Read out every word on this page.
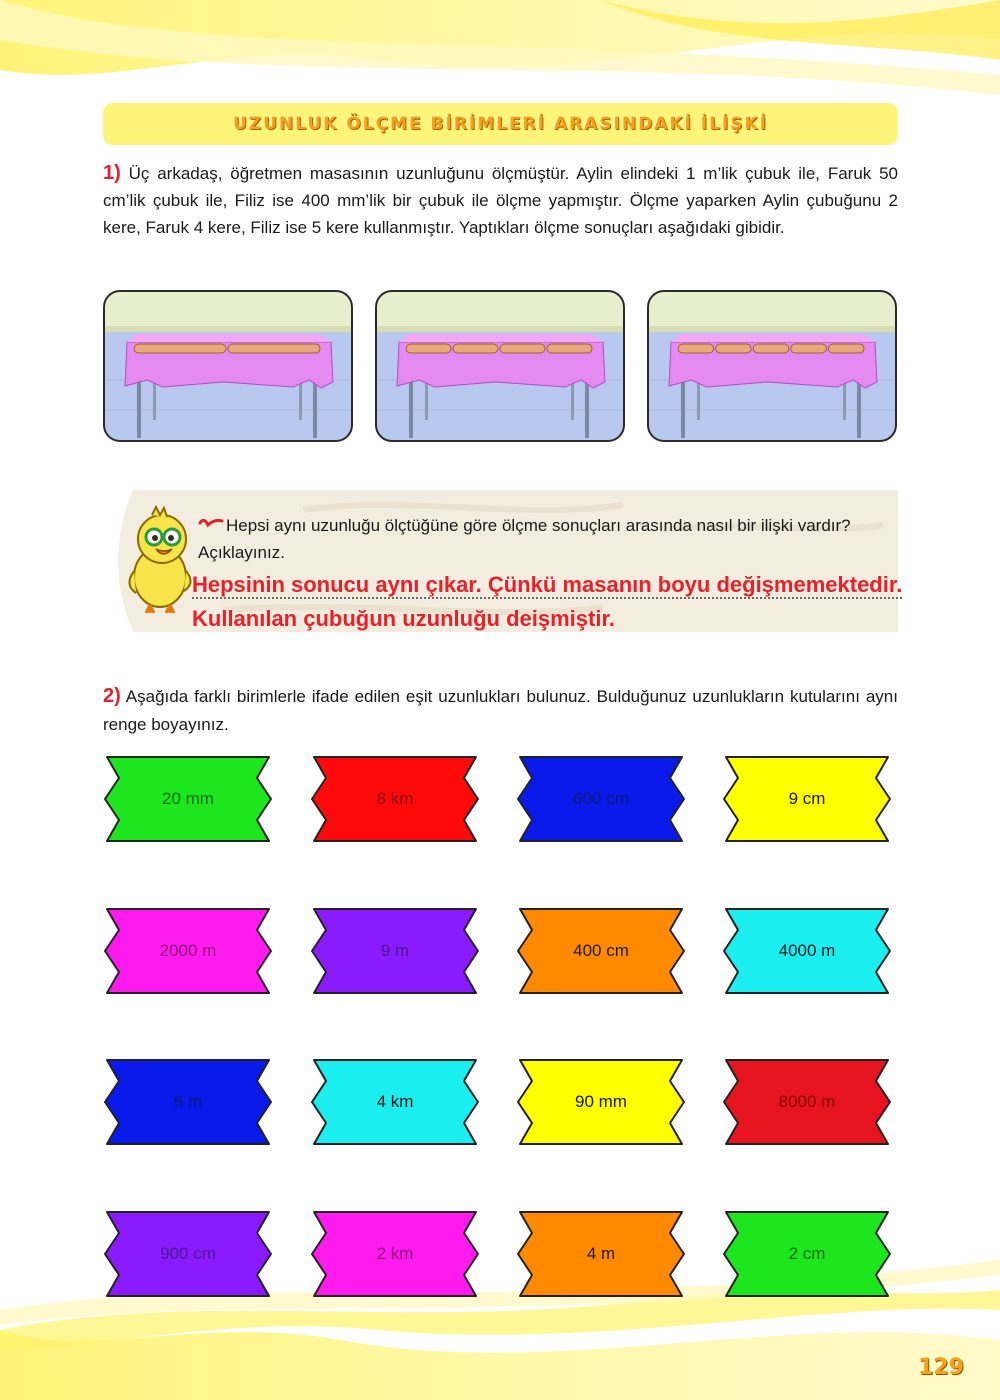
UZUNLUK ÖLÇME BİRİMLERİ ARASINDAKİ İLİŞKİ
1) Üç arkadaş, öğretmen masasının uzunluğunu ölçmüştür. Aylin elindeki 1 m’lik çubuk ile, Faruk 50 cm’lik çubuk ile, Filiz ise 400 mm’lik bir çubuk ile ölçme yapmıştır. Ölçme yaparken Aylin çubuğunu 2 kere, Faruk 4 kere, Filiz ise 5 kere kullanmıştır. Yaptıkları ölçme sonuçları aşağıdaki gibidir.
Hepsi aynı uzunluğu ölçtüğüne göre ölçme sonuçları arasında nasıl bir ilişki vardır? Açıklayınız.
Hepsinin sonucu aynı çıkar. Çünkü masanın boyu değişmemektedir.
Kullanılan çubuğun uzunluğu deişmiştir.
2) Aşağıda farklı birimlerle ifade edilen eşit uzunlukları bulunuz. Bulduğunuz uzunlukların kutularını aynı renge boyayınız.
20 mm	8 km	600 cm	9 cm
2000 m	9 m	400 cm	4000 m
6 m	4 km	90 mm	8000 m
900 cm	2 km	4 m	2 cm
129
